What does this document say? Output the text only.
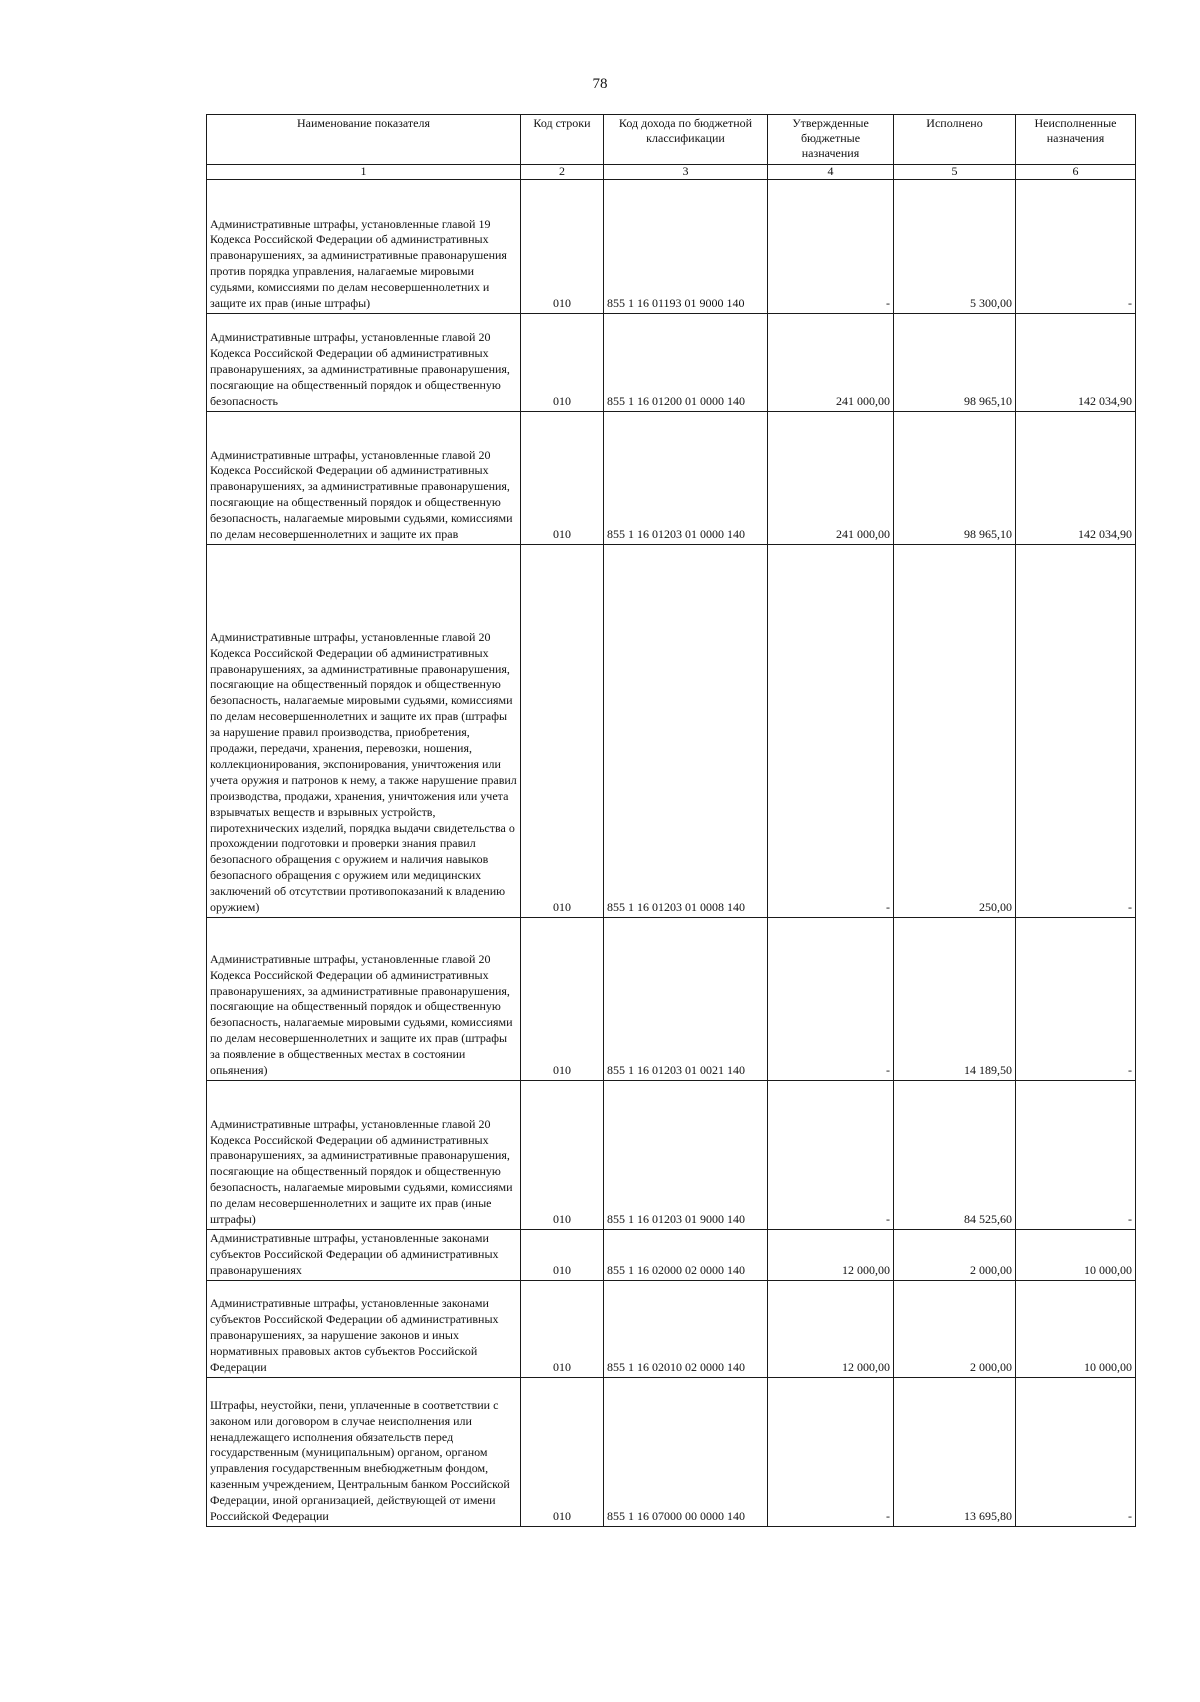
78
Наименование показателя	Код строки	Код дохода по бюджетной классификации	Утвержденные бюджетные назначения	Исполнено	Неисполненные назначения
1	2	3	4	5	6
Административные штрафы, установленные главой 19 Кодекса Российской Федерации об административных правонарушениях, за административные правонарушения против порядка управления, налагаемые мировыми судьями, комиссиями по делам несовершеннолетних и защите их прав (иные штрафы)	010	855 1 16 01193 01 9000 140	-	5 300,00	-
Административные штрафы, установленные главой 20 Кодекса Российской Федерации об административных правонарушениях, за административные правонарушения, посягающие на общественный порядок и общественную безопасность	010	855 1 16 01200 01 0000 140	241 000,00	98 965,10	142 034,90
Административные штрафы, установленные главой 20 Кодекса Российской Федерации об административных правонарушениях, за административные правонарушения, посягающие на общественный порядок и общественную безопасность, налагаемые мировыми судьями, комиссиями по делам несовершеннолетних и защите их прав	010	855 1 16 01203 01 0000 140	241 000,00	98 965,10	142 034,90
Административные штрафы, установленные главой 20 Кодекса Российской Федерации об административных правонарушениях, за административные правонарушения, посягающие на общественный порядок и общественную безопасность, налагаемые мировыми судьями, комиссиями по делам несовершеннолетних и защите их прав (штрафы за нарушение правил производства, приобретения, продажи, передачи, хранения, перевозки, ношения, коллекционирования, экспонирования, уничтожения или учета оружия и патронов к нему, а также нарушение правил производства, продажи, хранения, уничтожения или учета взрывчатых веществ и взрывных устройств, пиротехнических изделий, порядка выдачи свидетельства о прохождении подготовки и проверки знания правил безопасного обращения с оружием и наличия навыков безопасного обращения с оружием или медицинских заключений об отсутствии противопоказаний к владению оружием)	010	855 1 16 01203 01 0008 140	-	250,00	-
Административные штрафы, установленные главой 20 Кодекса Российской Федерации об административных правонарушениях, за административные правонарушения, посягающие на общественный порядок и общественную безопасность, налагаемые мировыми судьями, комиссиями по делам несовершеннолетних и защите их прав (штрафы за появление в общественных местах в состоянии опьянения)	010	855 1 16 01203 01 0021 140	-	14 189,50	-
Административные штрафы, установленные главой 20 Кодекса Российской Федерации об административных правонарушениях, за административные правонарушения, посягающие на общественный порядок и общественную безопасность, налагаемые мировыми судьями, комиссиями по делам несовершеннолетних и защите их прав (иные штрафы)	010	855 1 16 01203 01 9000 140	-	84 525,60	-
Административные штрафы, установленные законами субъектов Российской Федерации об административных правонарушениях	010	855 1 16 02000 02 0000 140	12 000,00	2 000,00	10 000,00
Административные штрафы, установленные законами субъектов Российской Федерации об административных правонарушениях, за нарушение законов и иных нормативных правовых актов субъектов Российской Федерации	010	855 1 16 02010 02 0000 140	12 000,00	2 000,00	10 000,00
Штрафы, неустойки, пени, уплаченные в соответствии с законом или договором в случае неисполнения или ненадлежащего исполнения обязательств перед государственным (муниципальным) органом, органом управления государственным внебюджетным фондом, казенным учреждением, Центральным банком Российской Федерации, иной организацией, действующей от имени Российской Федерации	010	855 1 16 07000 00 0000 140	-	13 695,80	-
